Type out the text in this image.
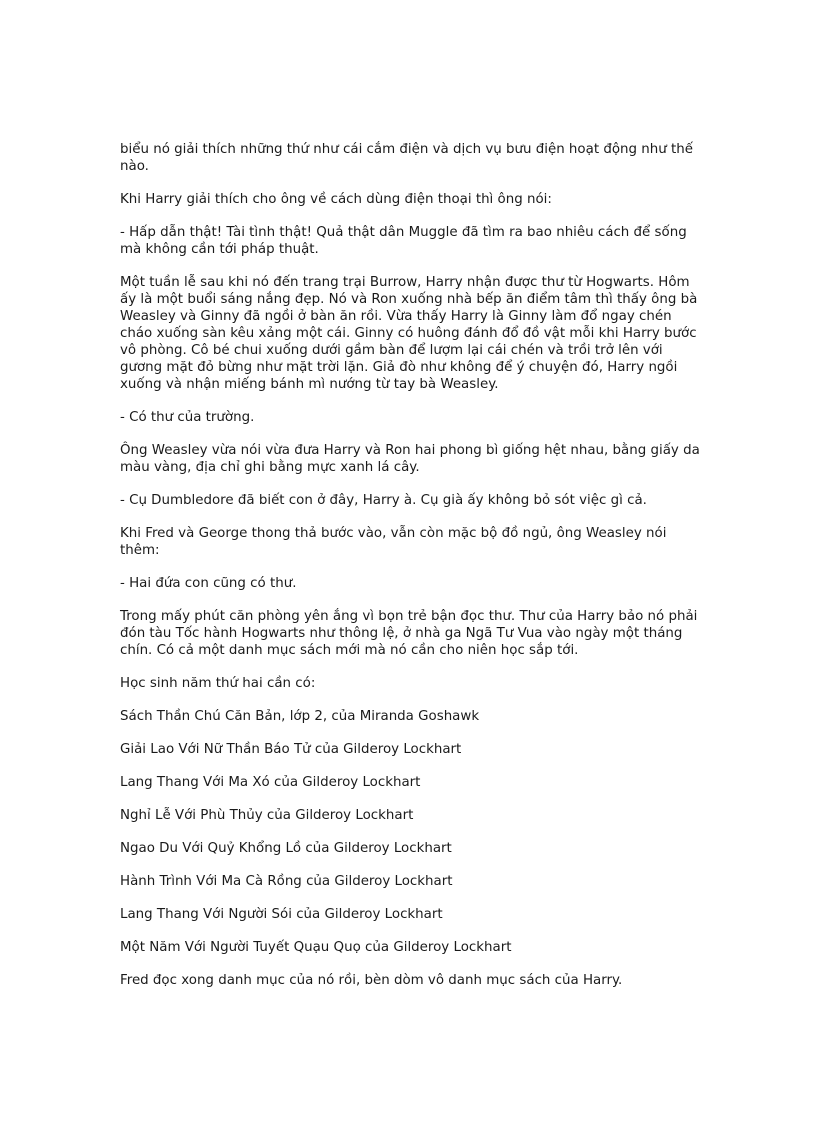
biểu nó giải thích những thứ như cái cắm điện và dịch vụ bưu điện hoạt động như thế nào.

Khi Harry giải thích cho ông về cách dùng điện thoại thì ông nói:

- Hấp dẫn thật! Tài tình thật! Quả thật dân Muggle đã tìm ra bao nhiêu cách để sống mà không cần tới pháp thuật.

Một tuần lễ sau khi nó đến trang trại Burrow, Harry nhận được thư từ Hogwarts. Hôm ấy là một buổi sáng nắng đẹp. Nó và Ron xuống nhà bếp ăn điểm tâm thì thấy ông bà Weasley và Ginny đã ngồi ở bàn ăn rồi. Vừa thấy Harry là Ginny làm đổ ngay chén cháo xuống sàn kêu xảng một cái. Ginny có huông đánh đổ đồ vật mỗi khi Harry bước vô phòng. Cô bé chui xuống dưới gầm bàn để lượm lại cái chén và trồi trở lên với gương mặt đỏ bừng như mặt trời lặn. Giả đò như không để ý chuyện đó, Harry ngồi xuống và nhận miếng bánh mì nướng từ tay bà Weasley.

- Có thư của trường.

Ông Weasley vừa nói vừa đưa Harry và Ron hai phong bì giống hệt nhau, bằng giấy da màu vàng, địa chỉ ghi bằng mực xanh lá cây.

- Cụ Dumbledore đã biết con ở đây, Harry à. Cụ già ấy không bỏ sót việc gì cả.

Khi Fred và George thong thả bước vào, vẫn còn mặc bộ đồ ngủ, ông Weasley nói thêm:

- Hai đứa con cũng có thư.

Trong mấy phút căn phòng yên ắng vì bọn trẻ bận đọc thư. Thư của Harry bảo nó phải đón tàu Tốc hành Hogwarts như thông lệ, ở nhà ga Ngã Tư Vua vào ngày một tháng chín. Có cả một danh mục sách mới mà nó cần cho niên học sắp tới.

Học sinh năm thứ hai cần có:

Sách Thần Chú Căn Bản, lớp 2, của Miranda Goshawk

Giải Lao Với Nữ Thần Báo Tử của Gilderoy Lockhart

Lang Thang Với Ma Xó của Gilderoy Lockhart

Nghỉ Lễ Với Phù Thủy của Gilderoy Lockhart

Ngao Du Với Quỷ Khổng Lồ của Gilderoy Lockhart

Hành Trình Với Ma Cà Rồng của Gilderoy Lockhart

Lang Thang Với Người Sói của Gilderoy Lockhart

Một Năm Với Người Tuyết Quạu Quọ của Gilderoy Lockhart

Fred đọc xong danh mục của nó rồi, bèn dòm vô danh mục sách của Harry.
